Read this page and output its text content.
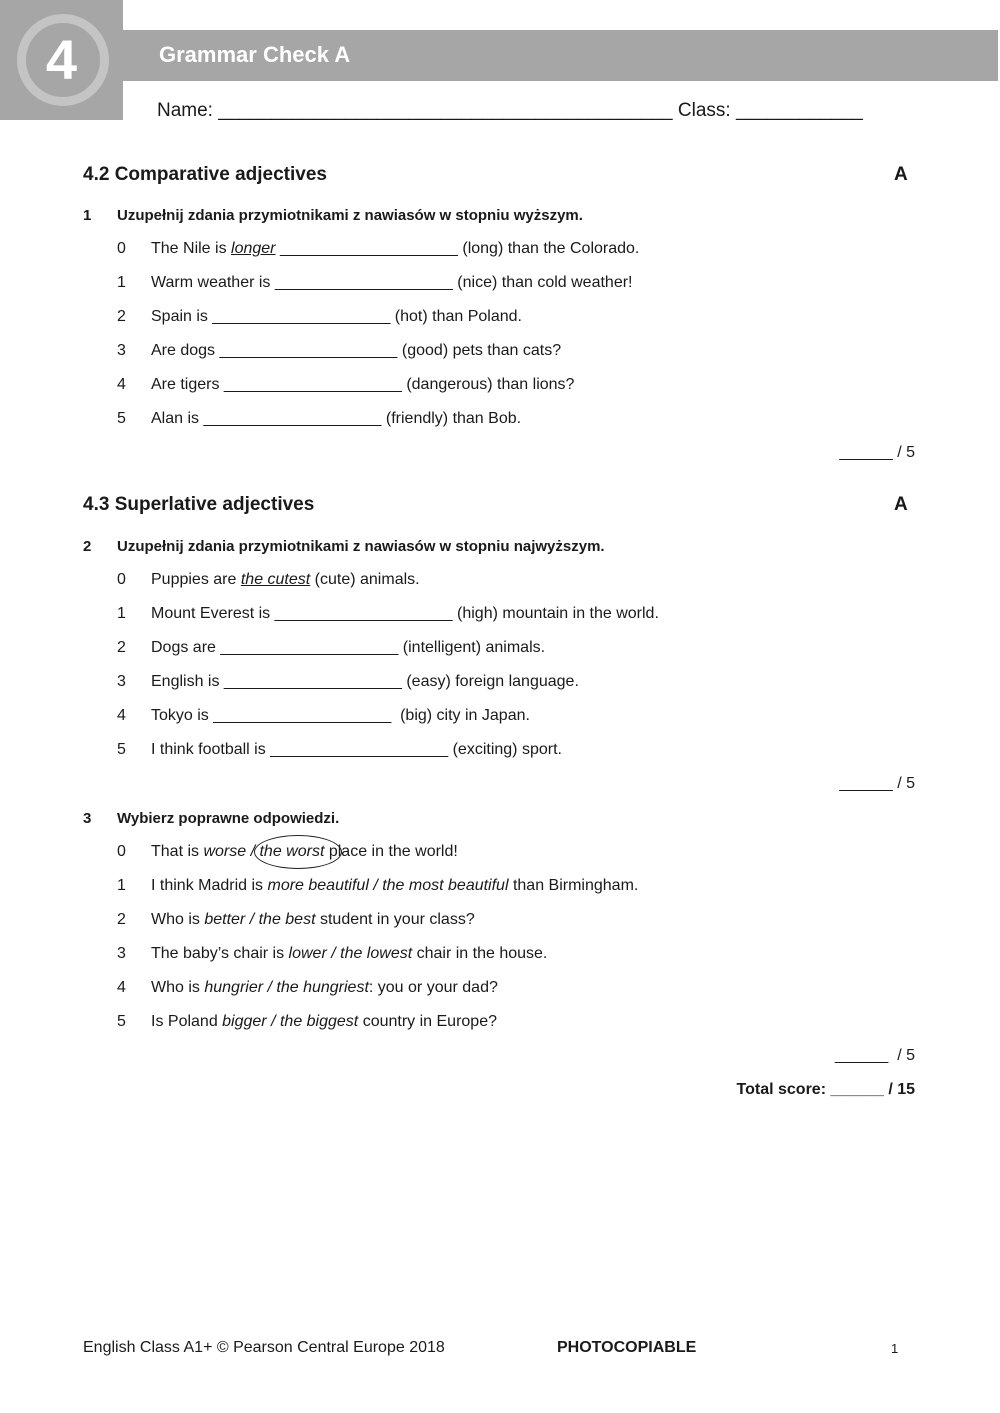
4	Grammar Check A
Name: ___________________________________________ Class: ____________
4.2 Comparative adjectives	A
1 Uzupełnij zdania przymiotnikami z nawiasów w stopniu wyższym.
0 The Nile is longer ____________________ (long) than the Colorado.
1 Warm weather is ____________________ (nice) than cold weather!
2 Spain is ____________________ (hot) than Poland.
3 Are dogs ____________________ (good) pets than cats?
4 Are tigers ____________________ (dangerous) than lions?
5 Alan is ____________________ (friendly) than Bob.
______ / 5
4.3 Superlative adjectives	A
2 Uzupełnij zdania przymiotnikami z nawiasów w stopniu najwyższym.
0 Puppies are the cutest (cute) animals.
1 Mount Everest is ____________________ (high) mountain in the world.
2 Dogs are ____________________ (intelligent) animals.
3 English is ____________________ (easy) foreign language.
4 Tokyo is ____________________  (big) city in Japan.
5 I think football is ____________________ (exciting) sport.
______ / 5
3 Wybierz poprawne odpowiedzi.
0 That is worse / the worst place in the world!
1 I think Madrid is more beautiful / the most beautiful than Birmingham.
2 Who is better / the best student in your class?
3 The baby’s chair is lower / the lowest chair in the house.
4 Who is hungrier / the hungriest: you or your dad?
5 Is Poland bigger / the biggest country in Europe?
______  / 5
Total score: ______ / 15
English Class A1+ © Pearson Central Europe 2018	PHOTOCOPIABLE	1
